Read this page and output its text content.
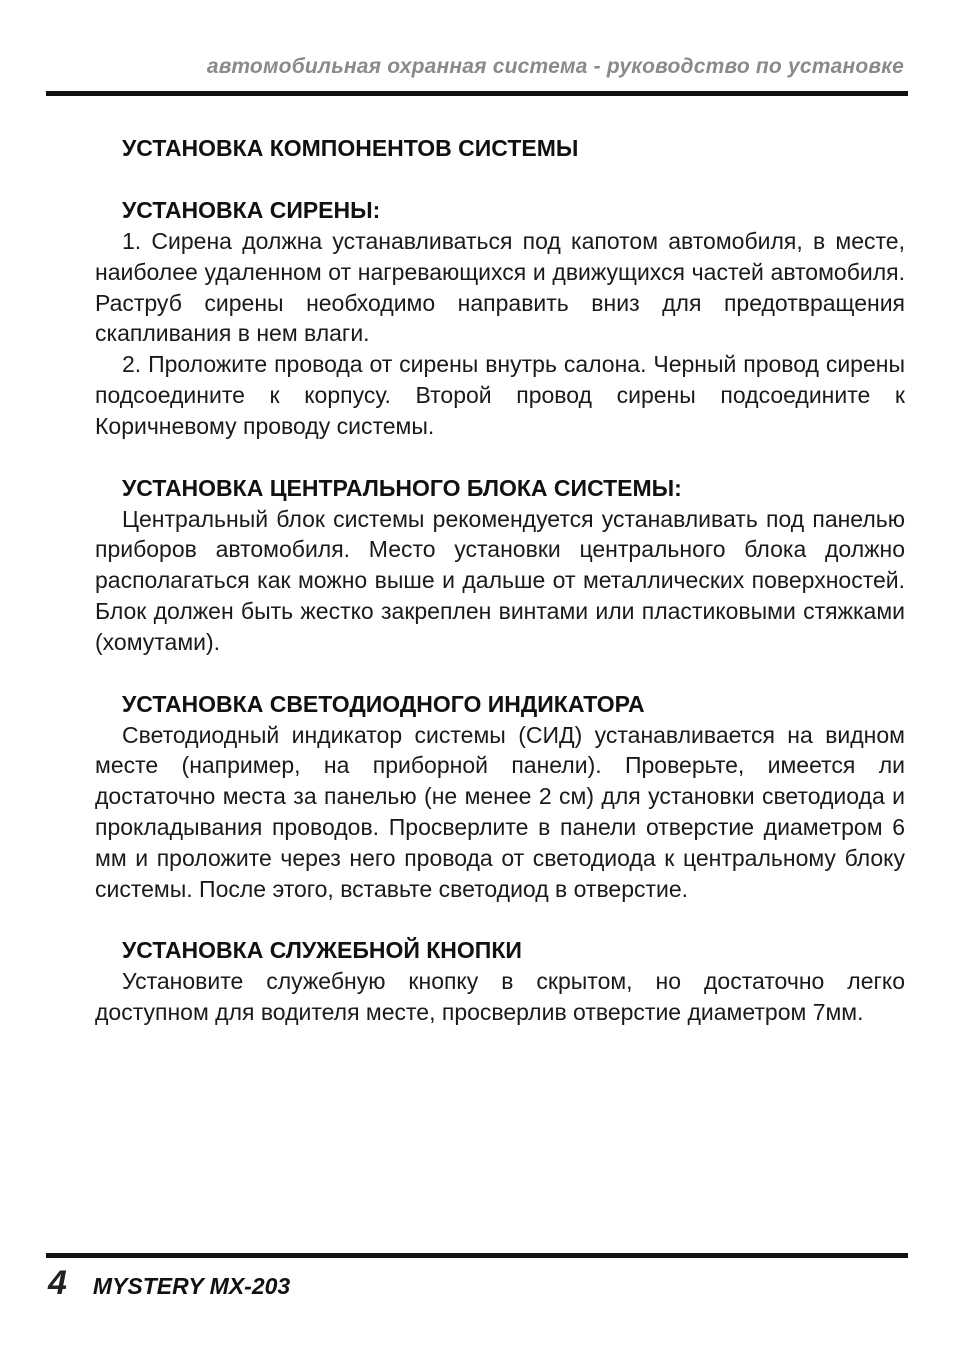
автомобильная охранная система - руководство по установке
УСТАНОВКА КОМПОНЕНТОВ СИСТЕМЫ
УСТАНОВКА СИРЕНЫ:

1. Сирена должна устанавливаться под капотом автомобиля, в месте, наиболее удаленном от нагревающихся и движущихся частей автомобиля. Раструб сирены необходимо направить вниз для предотвращения скапливания в нем влаги.

2. Проложите провода от сирены внутрь салона. Черный провод сирены подсоедините к корпусу. Второй провод сирены подсоедините к Коричневому проводу системы.

УСТАНОВКА ЦЕНТРАЛЬНОГО БЛОКА СИСТЕМЫ:

Центральный блок системы рекомендуется устанавливать под панелью приборов автомобиля. Место установки центрального блока должно располагаться как можно выше и дальше от металлических поверхностей. Блок должен быть жестко закреплен винтами или пластиковыми стяжками (хомутами).

УСТАНОВКА СВЕТОДИОДНОГО ИНДИКАТОРА

Светодиодный индикатор системы (СИД) устанавливается на видном месте (например, на приборной панели). Проверьте, имеется ли достаточно места за панелью (не менее 2 см) для установки светодиода и прокладывания проводов. Просверлите в панели отверстие диаметром 6 мм и проложите через него провода от светодиода к центральному блоку системы. После этого, вставьте светодиод в отверстие.

УСТАНОВКА СЛУЖЕБНОЙ КНОПКИ

Установите служебную кнопку в скрытом, но достаточно легко доступном для водителя месте, просверлив отверстие диаметром 7мм.

4 MYSTERY MX-203
